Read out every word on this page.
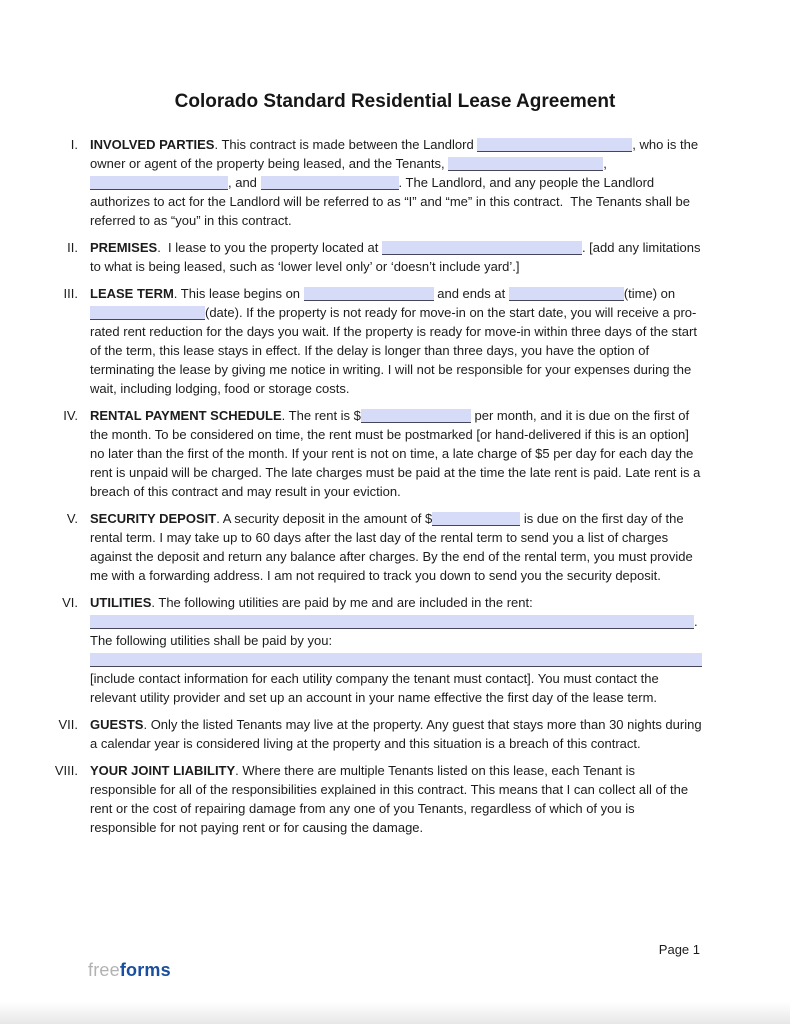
Colorado Standard Residential Lease Agreement
I. INVOLVED PARTIES. This contract is made between the Landlord	, who is the owner or agent of the property being leased, and the Tenants,	, , and	. The Landlord, and any people the Landlord authorizes to act for the Landlord will be referred to as “I” and “me” in this contract.  The Tenants shall be referred to as “you” in this contract.
II. PREMISES.  I lease to you the property located at	. [add any limitations to what is being leased, such as ‘lower level only’ or ‘doesn’t include yard’.]
III. LEASE TERM. This lease begins on	and ends at	(time) on (date). If the property is not ready for move-in on the start date, you will receive a pro-rated rent reduction for the days you wait. If the property is ready for move-in within three days of the start of the term, this lease stays in effect. If the delay is longer than three days, you have the option of terminating the lease by giving me notice in writing. I will not be responsible for your expenses during the wait, including lodging, food or storage costs.
IV. RENTAL PAYMENT SCHEDULE. The rent is $	per month, and it is due on the first of the month. To be considered on time, the rent must be postmarked [or hand-delivered if this is an option] no later than the first of the month. If your rent is not on time, a late charge of $5 per day for each day the rent is unpaid will be charged. The late charges must be paid at the time the late rent is paid. Late rent is a breach of this contract and may result in your eviction.
V. SECURITY DEPOSIT. A security deposit in the amount of $	is due on the first day of the rental term. I may take up to 60 days after the last day of the rental term to send you a list of charges against the deposit and return any balance after charges. By the end of the rental term, you must provide me with a forwarding address. I am not required to track you down to send you the security deposit.
VI. UTILITIES. The following utilities are paid by me and are included in the rent:
.
The following utilities shall be paid by you:

[include contact information for each utility company the tenant must contact]. You must contact the relevant utility provider and set up an account in your name effective the first day of the lease term.
VII. GUESTS. Only the listed Tenants may live at the property. Any guest that stays more than 30 nights during a calendar year is considered living at the property and this situation is a breach of this contract.
VIII. YOUR JOINT LIABILITY. Where there are multiple Tenants listed on this lease, each Tenant is responsible for all of the responsibilities explained in this contract. This means that I can collect all of the rent or the cost of repairing damage from any one of you Tenants, regardless of which of you is responsible for not paying rent or for causing the damage.
Page 1
freeforms
